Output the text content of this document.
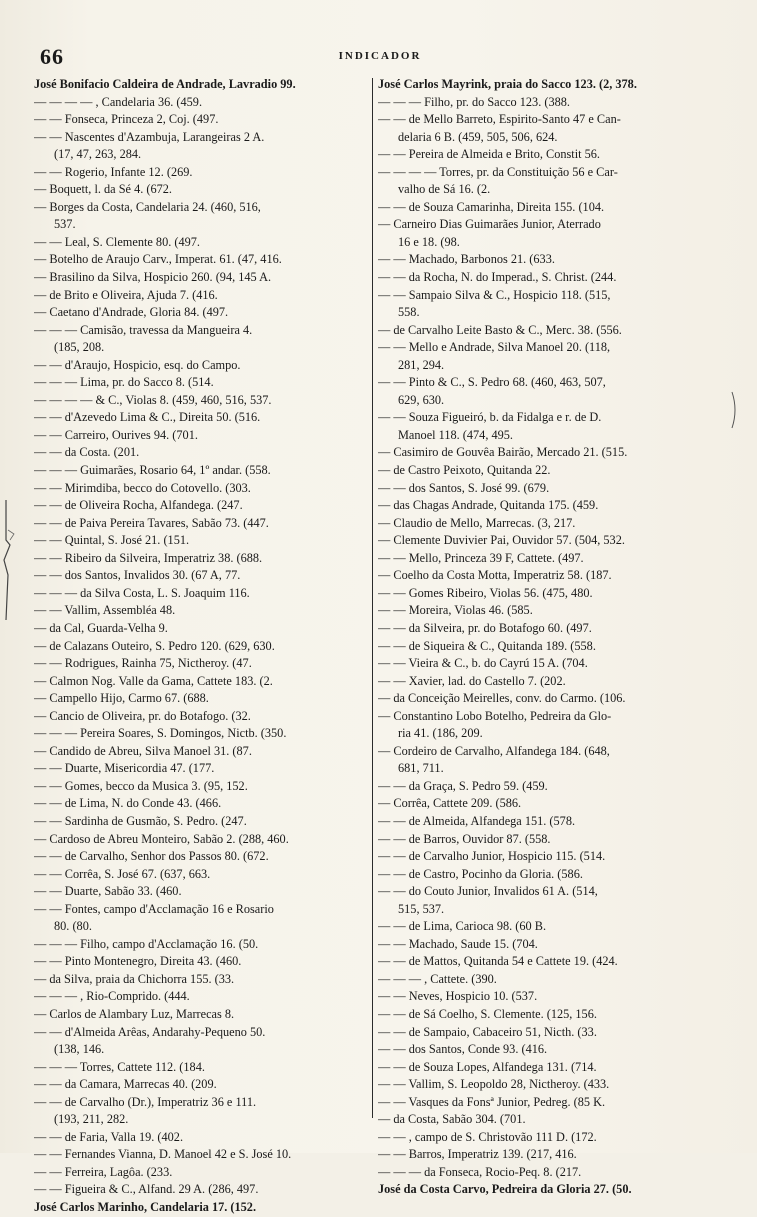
66	INDICADOR
José Bonifacio Caldeira de Andrade, Lavradio 99.
— — — — , Candelaria 36. (459.
— — Fonseca, Princeza 2, Coj. (497.
— — Nascentes d'Azambuja, Larangeiras 2 A.
(17, 47, 263, 284.
— — Rogerio, Infante 12. (269.
— Boquett, l. da Sé 4. (672.
— Borges da Costa, Candelaria 24. (460, 516,
537.
— — Leal, S. Clemente 80. (497.
— Botelho de Araujo Carv., Imperat. 61. (47, 416.
— Brasilino da Silva, Hospicio 260. (94, 145 A.
— de Brito e Oliveira, Ajuda 7. (416.
— Caetano d'Andrade, Gloria 84. (497.
— — — Camisão, travessa da Mangueira 4.
(185, 208.
— — d'Araujo, Hospicio, esq. do Campo.
— — — Lima, pr. do Sacco 8. (514.
— — — — & C., Violas 8. (459, 460, 516, 537.
— — d'Azevedo Lima & C., Direita 50. (516.
— — Carreiro, Ourives 94. (701.
— — da Costa. (201.
— — — Guimarães, Rosario 64, 1º andar. (558.
— — Mirimdiba, becco do Cotovello. (303.
— — de Oliveira Rocha, Alfandega. (247.
— — de Paiva Pereira Tavares, Sabão 73. (447.
— — Quintal, S. José 21. (151.
— — Ribeiro da Silveira, Imperatriz 38. (688.
— — dos Santos, Invalidos 30. (67 A, 77.
— — — da Silva Costa, L. S. Joaquim 116.
— — Vallim, Assembléa 48.
— da Cal, Guarda-Velha 9.
— de Calazans Outeiro, S. Pedro 120. (629, 630.
— — Rodrigues, Rainha 75, Nictheroy. (47.
— Calmon Nog. Valle da Gama, Cattete 183. (2.
— Campello Hijo, Carmo 67. (688.
— Cancio de Oliveira, pr. do Botafogo. (32.
— — — Pereira Soares, S. Domingos, Nictb. (350.
— Candido de Abreu, Silva Manoel 31. (87.
— — Duarte, Misericordia 47. (177.
— — Gomes, becco da Musica 3. (95, 152.
— — de Lima, N. do Conde 43. (466.
— — Sardinha de Gusmão, S. Pedro. (247.
— Cardoso de Abreu Monteiro, Sabão 2. (288, 460.
— — de Carvalho, Senhor dos Passos 80. (672.
— — Corrêa, S. José 67. (637, 663.
— — Duarte, Sabão 33. (460.
— — Fontes, campo d'Acclamação 16 e Rosario
80. (80.
— — — Filho, campo d'Acclamação 16. (50.
— — Pinto Montenegro, Direita 43. (460.
— da Silva, praia da Chichorra 155. (33.
— — — , Rio-Comprido. (444.
— Carlos de Alambary Luz, Marrecas 8.
— — d'Almeida Arêas, Andarahy-Pequeno 50.
(138, 146.
— — — Torres, Cattete 112. (184.
— — da Camara, Marrecas 40. (209.
— — de Carvalho (Dr.), Imperatriz 36 e 111.
(193, 211, 282.
— — de Faria, Valla 19. (402.
— — Fernandes Vianna, D. Manoel 42 e S. José 10.
— — Ferreira, Lagôa. (233.
— — Figueira & C., Alfand. 29 A. (286, 497.
José Carlos Marinho, Candelaria 17. (152.
José Carlos Mayrink, praia do Sacco 123. (2, 378.
— — — Filho, pr. do Sacco 123. (388.
— — de Mello Barreto, Espirito-Santo 47 e Can-
delaria 6 B. (459, 505, 506, 624.
— — Pereira de Almeida e Brito, Constit 56.
— — — — Torres, pr. da Constituição 56 e Car-
valho de Sá 16. (2.
— — de Souza Camarinha, Direita 155. (104.
— Carneiro Dias Guimarães Junior, Aterrado
16 e 18. (98.
— — Machado, Barbonos 21. (633.
— — da Rocha, N. do Imperad., S. Christ. (244.
— — Sampaio Silva & C., Hospicio 118. (515,
558.
— de Carvalho Leite Basto & C., Merc. 38. (556.
— — Mello e Andrade, Silva Manoel 20. (118,
281, 294.
— — Pinto & C., S. Pedro 68. (460, 463, 507,
629, 630.
— — Souza Figueiró, b. da Fidalga e r. de D.
Manoel 118. (474, 495.
— Casimiro de Gouvêa Bairão, Mercado 21. (515.
— de Castro Peixoto, Quitanda 22.
— — dos Santos, S. José 99. (679.
— das Chagas Andrade, Quitanda 175. (459.
— Claudio de Mello, Marrecas. (3, 217.
— Clemente Duvivier Pai, Ouvidor 57. (504, 532.
— — Mello, Princeza 39 F, Cattete. (497.
— Coelho da Costa Motta, Imperatriz 58. (187.
— — Gomes Ribeiro, Violas 56. (475, 480.
— — Moreira, Violas 46. (585.
— — da Silveira, pr. do Botafogo 60. (497.
— — de Siqueira & C., Quitanda 189. (558.
— — Vieira & C., b. do Cayrú 15 A. (704.
— — Xavier, lad. do Castello 7. (202.
— da Conceição Meirelles, conv. do Carmo. (106.
— Constantino Lobo Botelho, Pedreira da Glo-
ria 41. (186, 209.
— Cordeiro de Carvalho, Alfandega 184. (648,
681, 711.
— — da Graça, S. Pedro 59. (459.
— Corrêa, Cattete 209. (586.
— — de Almeida, Alfandega 151. (578.
— — de Barros, Ouvidor 87. (558.
— — de Carvalho Junior, Hospicio 115. (514.
— — de Castro, Pocinho da Gloria. (586.
— — do Couto Junior, Invalidos 61 A. (514,
515, 537.
— — de Lima, Carioca 98. (60 B.
— — Machado, Saude 15. (704.
— — de Mattos, Quitanda 54 e Cattete 19. (424.
— — — , Cattete. (390.
— — Neves, Hospicio 10. (537.
— — de Sá Coelho, S. Clemente. (125, 156.
— — de Sampaio, Cabaceiro 51, Nicth. (33.
— — dos Santos, Conde 93. (416.
— — de Souza Lopes, Alfandega 131. (714.
— — Vallim, S. Leopoldo 28, Nictheroy. (433.
— — Vasques da Fonsª Junior, Pedreg. (85 K.
— da Costa, Sabão 304. (701.
— — , campo de S. Christovão 111 D. (172.
— — Barros, Imperatriz 139. (217, 416.
— — — da Fonseca, Rocio-Peq. 8. (217.
José da Costa Carvo, Pedreira da Gloria 27. (50.
